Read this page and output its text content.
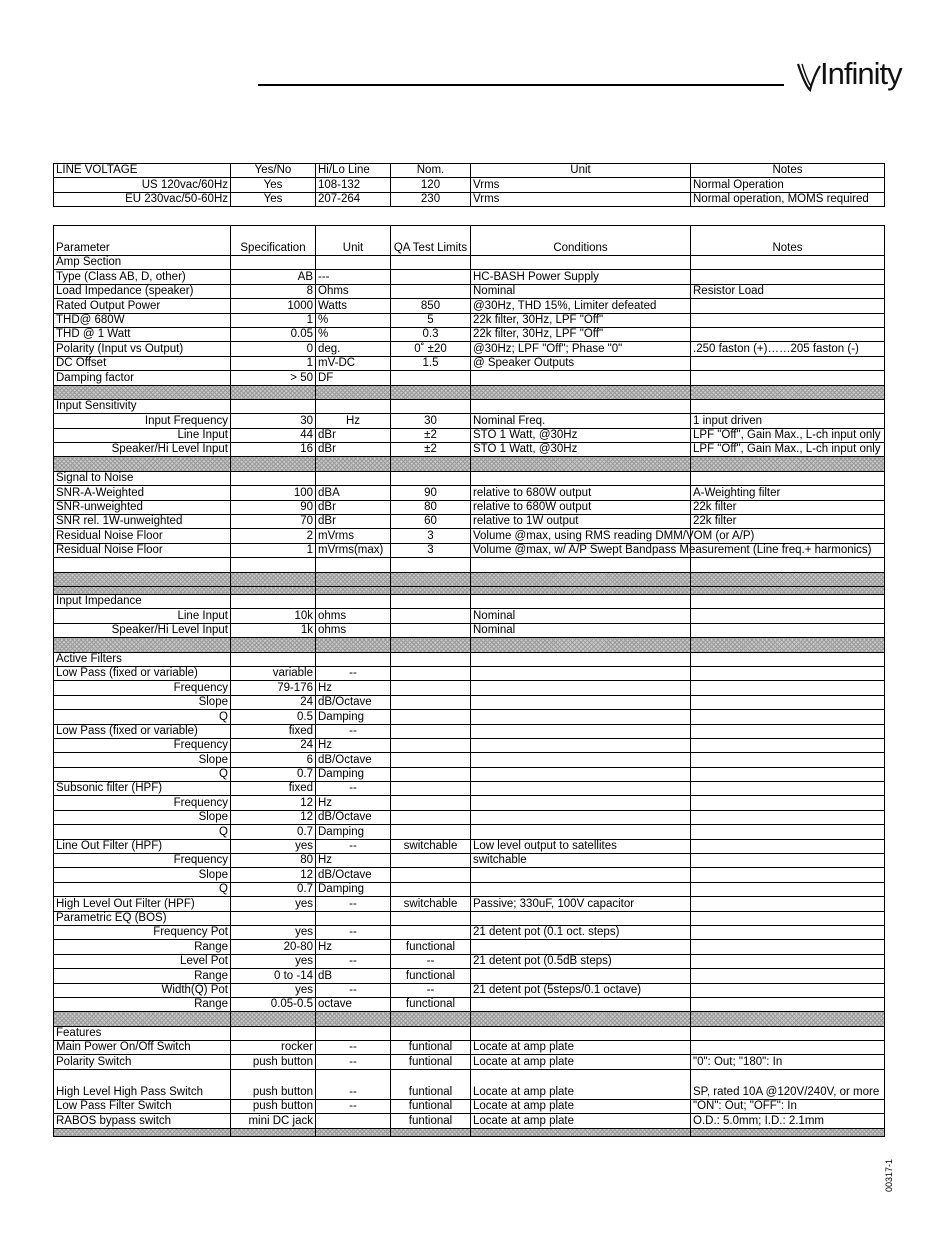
Infinity
LINE VOLTAGE	Yes/No	Hi/Lo Line	Nom.	Unit	Notes
US 120vac/60Hz	Yes	108-132	120	Vrms	Normal Operation
EU 230vac/50-60Hz	Yes	207-264	230	Vrms	Normal operation, MOMS required
Parameter	Specification	Unit	QA Test Limits	Conditions	Notes
Amp Section					
Type (Class AB, D, other)	AB	---		HC-BASH Power Supply	
Load Impedance (speaker)	8	Ohms		Nominal	Resistor Load
Rated Output Power	1000	Watts	850	@30Hz, THD 15%, Limiter defeated	
THD@ 680W	1	%	5	22k filter, 30Hz, LPF "Off"	
THD @ 1 Watt	0.05	%	0.3	22k filter, 30Hz, LPF "Off"	
Polarity (Input vs Output)	0	deg.	0˚ ±20	@30Hz; LPF "Off"; Phase "0"	.250 faston (+)……205 faston (-)
DC Offset	1	mV-DC	1.5	@ Speaker Outputs	
Damping factor	> 50	DF			

Input Sensitivity					
Input Frequency	30	Hz	30	Nominal Freq.	1 input driven
Line Input	44	dBr	±2	STO 1 Watt, @30Hz	LPF "Off", Gain Max., L-ch input only
Speaker/Hi Level Input	16	dBr	±2	STO 1 Watt, @30Hz	LPF "Off", Gain Max., L-ch input only

Signal to Noise					
SNR-A-Weighted	100	dBA	90	relative to 680W output	A-Weighting filter
SNR-unweighted	90	dBr	80	relative to 680W output	22k filter
SNR rel. 1W-unweighted	70	dBr	60	relative to 1W output	22k filter
Residual Noise Floor	2	mVrms	3	Volume @max, using RMS reading DMM/VOM (or A/P)	
Residual Noise Floor	1	mVrms(max)	3	Volume @max, w/ A/P Swept Bandpass Measurement (Line freq.+ harmonics)	

Input Impedance					
Line Input	10k	ohms		Nominal	
Speaker/Hi Level Input	1k	ohms		Nominal	

Active Filters					
Low Pass (fixed or variable)	variable	--			
Frequency	79-176	Hz			
Slope	24	dB/Octave			
Q	0.5	Damping			
Low Pass (fixed or variable)	fixed	--			
Frequency	24	Hz			
Slope	6	dB/Octave			
Q	0.7	Damping			
Subsonic filter (HPF)	fixed	--			
Frequency	12	Hz			
Slope	12	dB/Octave			
Q	0.7	Damping			
Line Out Filter (HPF)	yes	--	switchable	Low level output to satellites	
Frequency	80	Hz		switchable	
Slope	12	dB/Octave			
Q	0.7	Damping			
High Level Out Filter (HPF)	yes	--	switchable	Passive; 330uF, 100V capacitor	
Parametric EQ (BOS)					
Frequency Pot	yes	--		21 detent pot (0.1 oct. steps)	
Range	20-80	Hz	functional		
Level Pot	yes	--	--	21 detent pot (0.5dB steps)	
Range	0 to -14	dB	functional		
Width(Q) Pot	yes	--	--	21 detent pot (5steps/0.1 octave)	
Range	0.05-0.5	octave	functional		

Features					
Main Power On/Off Switch	rocker	--	funtional	Locate at amp plate	
Polarity Switch	push button	--	funtional	Locate at amp plate	"0": Out; "180": In
High Level High Pass Switch	push button	--	funtional	Locate at amp plate	SP, rated 10A @120V/240V, or more
Low Pass Filter Switch	push button	--	funtional	Locate at amp plate	"ON": Out; "OFF": In
RABOS bypass switch	mini DC jack		funtional	Locate at amp plate	O.D.: 5.0mm; I.D.: 2.1mm

00317-1
